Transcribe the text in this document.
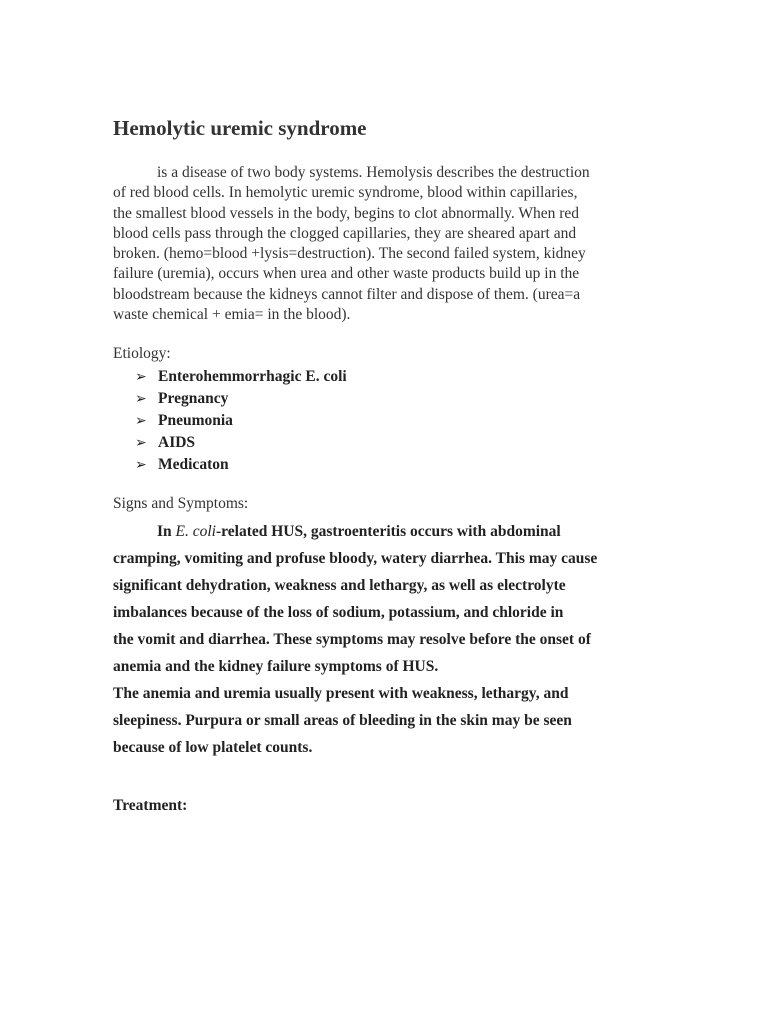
Hemolytic uremic syndrome
is a disease of two body systems. Hemolysis describes the destruction
of red blood cells. In hemolytic uremic syndrome, blood within capillaries,
the smallest blood vessels in the body, begins to clot abnormally. When red
blood cells pass through the clogged capillaries, they are sheared apart and
broken. (hemo=blood +lysis=destruction). The second failed system, kidney
failure (uremia), occurs when urea and other waste products build up in the
bloodstream because the kidneys cannot filter and dispose of them. (urea=a
waste chemical + emia= in the blood).
Etiology:
➢ Enterohemmorrhagic E. coli
➢ Pregnancy
➢ Pneumonia
➢ AIDS
➢ Medicaton
Signs and Symptoms:
In E. coli-related HUS, gastroenteritis occurs with abdominal
cramping, vomiting and profuse bloody, watery diarrhea. This may cause
significant dehydration, weakness and lethargy, as well as electrolyte
imbalances because of the loss of sodium, potassium, and chloride in
the vomit and diarrhea. These symptoms may resolve before the onset of
anemia and the kidney failure symptoms of HUS.
The anemia and uremia usually present with weakness, lethargy, and
sleepiness. Purpura or small areas of bleeding in the skin may be seen
because of low platelet counts.
Treatment:
